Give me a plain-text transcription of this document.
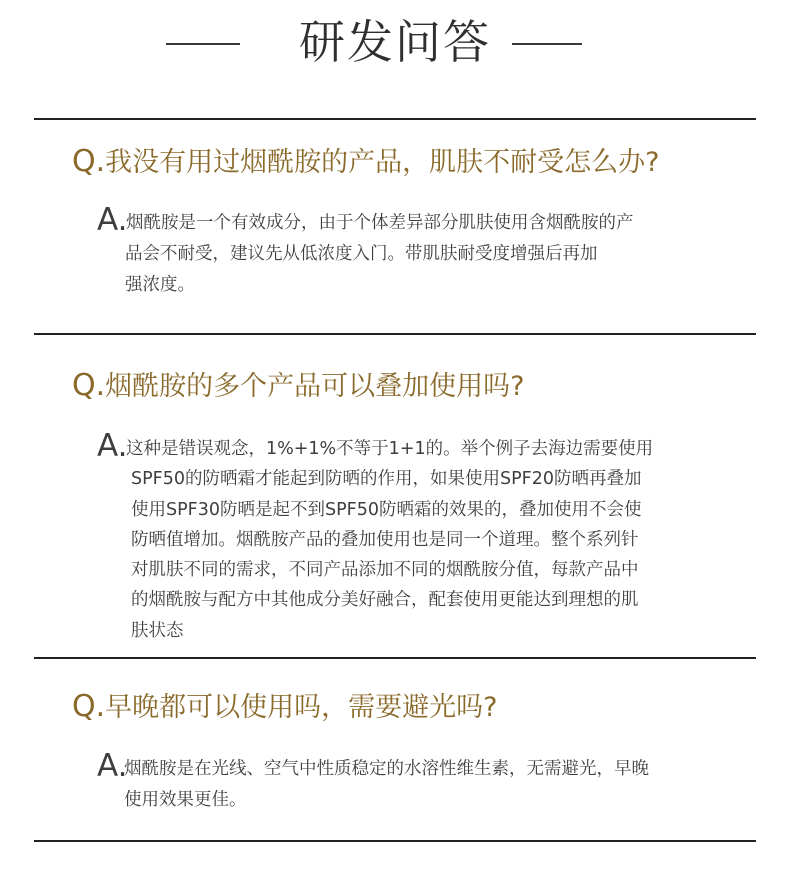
研发问答
Q.我没有用过烟酰胺的产品，肌肤不耐受怎么办?
A.
烟酰胺是一个有效成分，由于个体差异部分肌肤使用含烟酰胺的产
品会不耐受，建议先从低浓度入门。带肌肤耐受度增强后再加
强浓度。
Q.烟酰胺的多个产品可以叠加使用吗?
A.
这种是错误观念，1%+1%不等于1+1的。举个例子去海边需要使用
SPF50的防晒霜才能起到防晒的作用，如果使用SPF20防晒再叠加
使用SPF30防晒是起不到SPF50防晒霜的效果的，叠加使用不会使
防晒值增加。烟酰胺产品的叠加使用也是同一个道理。整个系列针
对肌肤不同的需求，不同产品添加不同的烟酰胺分值，每款产品中
的烟酰胺与配方中其他成分美好融合，配套使用更能达到理想的肌
肤状态
Q.早晚都可以使用吗，需要避光吗?
A.
烟酰胺是在光线、空气中性质稳定的水溶性维生素，无需避光，早晚
使用效果更佳。
